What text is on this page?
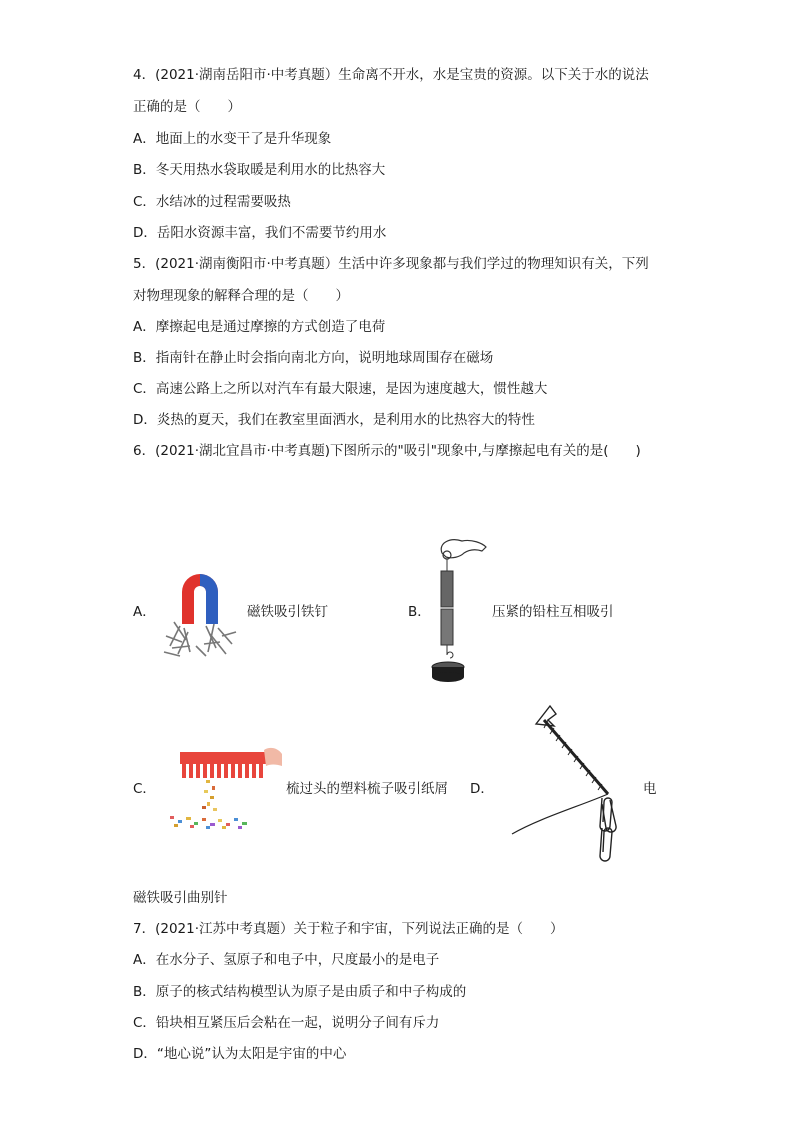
4．(2021·湖南岳阳市·中考真题）生命离不开水，水是宝贵的资源。以下关于水的说法
正确的是（　　）
A．地面上的水变干了是升华现象
B．冬天用热水袋取暖是利用水的比热容大
C．水结冰的过程需要吸热
D．岳阳水资源丰富，我们不需要节约用水
5．(2021·湖南衡阳市·中考真题）生活中许多现象都与我们学过的物理知识有关，下列
对物理现象的解释合理的是（　　）
A．摩擦起电是通过摩擦的方式创造了电荷
B．指南针在静止时会指向南北方向，说明地球周围存在磁场
C．高速公路上之所以对汽车有最大限速，是因为速度越大，惯性越大
D．炎热的夏天，我们在教室里面洒水，是利用水的比热容大的特性
6．(2021·湖北宜昌市·中考真题)下图所示的"吸引"现象中,与摩擦起电有关的是(　　)
A．	磁铁吸引铁钉	B．	压紧的铅柱互相吸引
C．	梳过头的塑料梳子吸引纸屑 D．	电
磁铁吸引曲别针
7．(2021·江苏中考真题）关于粒子和宇宙，下列说法正确的是（　　）
A．在水分子、氢原子和电子中，尺度最小的是电子
B．原子的核式结构模型认为原子是由质子和中子构成的
C．铅块相互紧压后会粘在一起，说明分子间有斥力
D．“地心说”认为太阳是宇宙的中心
